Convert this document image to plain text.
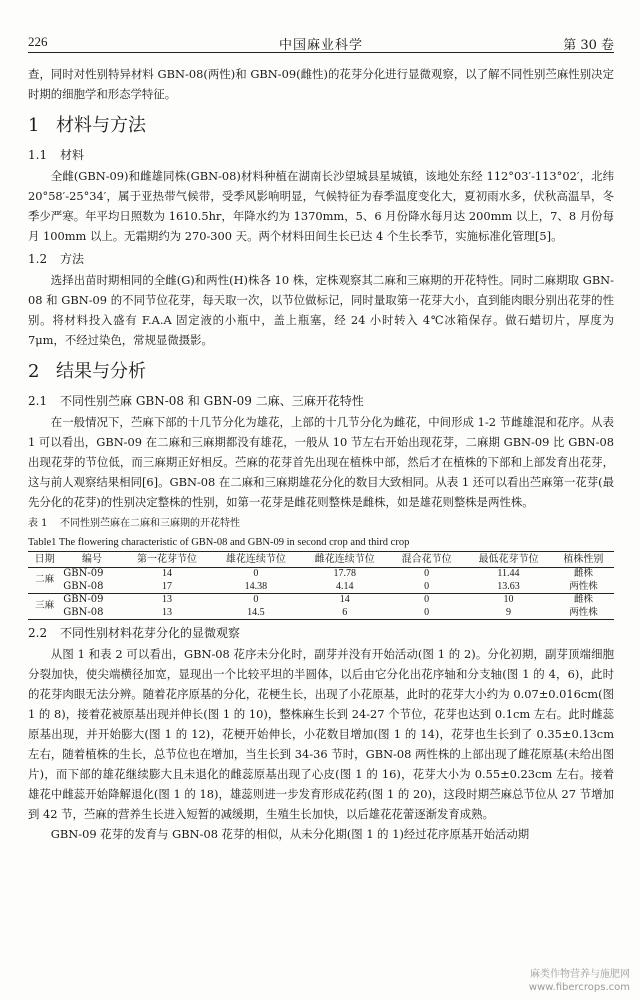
226	中国麻业科学	第 30 卷

查，同时对性别特异材料 GBN-08(两性)和 GBN-09(雌性)的花芽分化进行显微观察，以了解不同性别苎麻性别决定时期的细胞学和形态学特征。

1 材料与方法
1.1 材料

全雌(GBN-09)和雌雄同株(GBN-08)材料种植在湖南长沙望城县星城镇，该地处东经 112°03′-113°02′，北纬 20°58′-25°34′，属于亚热带气候带，受季风影响明显，气候特征为春季温度变化大，夏初雨水多，伏秋高温旱，冬季少严寒。年平均日照数为 1610.5hr，年降水约为 1370mm，5、6 月份降水每月达 200mm 以上，7、8 月份每月 100mm 以上。无霜期约为 270-300 天。两个材料田间生长已达 4 个生长季节，实施标准化管理[5]。

1.2 方法

选择出苗时期相同的全雌(G)和两性(H)株各 10 株，定株观察其二麻和三麻期的开花特性。同时二麻期取 GBN-08 和 GBN-09 的不同节位花芽，每天取一次，以节位做标记，同时量取第一花芽大小，直到能肉眼分别出花芽的性别。将材料投入盛有 F.A.A 固定液的小瓶中，盖上瓶塞，经 24 小时转入 4℃冰箱保存。做石蜡切片，厚度为 7μm，不经过染色，常规显微摄影。

2 结果与分析
2.1 不同性别苎麻 GBN-08 和 GBN-09 二麻、三麻开花特性

在一般情况下，苎麻下部的十几节分化为雄花，上部的十几节分化为雌花，中间形成 1-2 节雌雄混和花序。从表 1 可以看出，GBN-09 在二麻和三麻期都没有雄花，一般从 10 节左右开始出现花芽，二麻期 GBN-09 比 GBN-08 出现花芽的节位低，而三麻期正好相反。苎麻的花芽首先出现在植株中部，然后才在植株的下部和上部发育出花芽，这与前人观察结果相同[6]。GBN-08 在二麻和三麻期雄花分化的数目大致相同。从表 1 还可以看出苎麻第一花芽(最先分化的花芽)的性别决定整株的性别，如第一花芽是雌花则整株是雌株，如是雄花则整株是两性株。

表 1 不同性别苎麻在二麻和三麻期的开花特性
Table1 The flowering characteristic of GBN-08 and GBN-09 in second crop and third crop
日期	编号	第一花芽节位	雄花连续节位	雌花连续节位	混合花节位	最低花芽节位	植株性别
二麻	GBN-09	14	0	17.78	0	11.44	雌株
	GBN-08	17	14.38	4.14	0	13.63	两性株
三麻	GBN-09	13	0	14	0	10	雌株
	GBN-08	13	14.5	6	0	9	两性株
2.2 不同性别材料花芽分化的显微观察

从图 1 和表 2 可以看出，GBN-08 花序未分化时，副芽并没有开始活动(图 1 的 2)。分化初期，副芽顶端细胞分裂加快，使尖端横径加宽，显现出一个比较平坦的半圆体，以后由它分化出花序轴和分支轴(图 1 的 4，6)，此时的花芽肉眼无法分辨。随着花序原基的分化，花梗生长，出现了小花原基，此时的花芽大小约为 0.07±0.016cm(图 1 的 8)，接着花被原基出现并伸长(图 1 的 10)，整株麻生长到 24-27 个节位，花芽也达到 0.1cm 左右。此时雌蕊原基出现，并开始膨大(图 1 的 12)，花梗开始伸长，小花数目增加(图 1 的 14)，花芽也生长到了 0.35±0.13cm 左右，随着植株的生长，总节位也在增加，当生长到 34-36 节时，GBN-08 两性株的上部出现了雌花原基(未给出图片)，而下部的雄花继续膨大且未退化的雌蕊原基出现了心皮(图 1 的 16)，花芽大小为 0.55±0.23cm 左右。接着雄花中雌蕊开始降解退化(图 1 的 18)，雄蕊则进一步发育形成花药(图 1 的 20)，这段时期苎麻总节位从 27 节增加到 42 节，苎麻的营养生长进入短暂的减缓期，生殖生长加快，以后雄花花蕾逐渐发育成熟。

GBN-09 花芽的发育与 GBN-08 花芽的相似，从未分化期(图 1 的 1)经过花序原基开始活动期

麻类作物营养与施肥网
www.fibercrops.com
